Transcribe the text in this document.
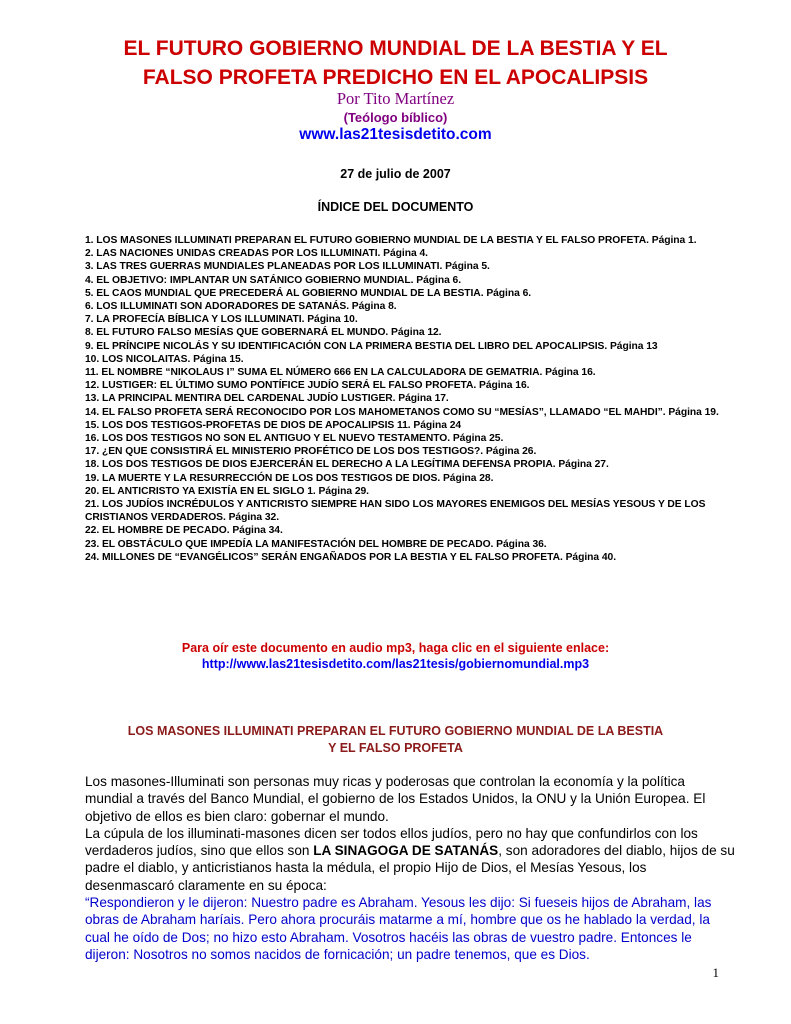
EL FUTURO GOBIERNO MUNDIAL DE LA BESTIA Y EL
FALSO PROFETA PREDICHO EN EL APOCALIPSIS
Por Tito Martínez
(Teólogo bíblico)
www.las21tesisdetito.com
27 de julio de 2007
ÍNDICE DEL DOCUMENTO
1. LOS MASONES ILLUMINATI PREPARAN EL FUTURO GOBIERNO MUNDIAL DE LA BESTIA Y EL FALSO PROFETA. Página 1.
2. LAS NACIONES UNIDAS CREADAS POR LOS ILLUMINATI. Página 4.
3. LAS TRES GUERRAS MUNDIALES PLANEADAS POR LOS ILLUMINATI. Página 5.
4. EL OBJETIVO: IMPLANTAR UN SATÁNICO GOBIERNO MUNDIAL. Página 6.
5. EL CAOS MUNDIAL QUE PRECEDERÁ AL GOBIERNO MUNDIAL DE LA BESTIA. Página 6.
6. LOS ILLUMINATI SON ADORADORES DE SATANÁS. Página 8.
7. LA PROFECÍA BÍBLICA Y LOS ILLUMINATI. Página 10.
8. EL FUTURO FALSO MESÍAS QUE GOBERNARÁ EL MUNDO. Página 12.
9. EL PRÍNCIPE NICOLÁS Y SU IDENTIFICACIÓN CON LA PRIMERA BESTIA DEL LIBRO DEL APOCALIPSIS. Página 13
10. LOS NICOLAITAS. Página 15.
11. EL NOMBRE “NIKOLAUS I” SUMA EL NÚMERO 666 EN LA CALCULADORA DE GEMATRIA. Página 16.
12. LUSTIGER: EL ÚLTIMO SUMO PONTÍFICE JUDÍO SERÁ EL FALSO PROFETA. Página 16.
13. LA PRINCIPAL MENTIRA DEL CARDENAL JUDÍO LUSTIGER. Página 17.
14. EL FALSO PROFETA SERÁ RECONOCIDO POR LOS MAHOMETANOS COMO SU “MESÍAS”, LLAMADO “EL MAHDI”. Página 19.
15. LOS DOS TESTIGOS-PROFETAS DE DIOS DE APOCALIPSIS 11. Página 24
16. LOS DOS TESTIGOS NO SON EL ANTIGUO Y EL NUEVO TESTAMENTO. Página 25.
17. ¿EN QUE CONSISTIRÁ EL MINISTERIO PROFÉTICO DE LOS DOS TESTIGOS?. Página 26.
18. LOS DOS TESTIGOS DE DIOS EJERCERÁN EL DERECHO A LA LEGÍTIMA DEFENSA PROPIA. Página 27.
19. LA MUERTE Y LA RESURRECCIÓN DE LOS DOS TESTIGOS DE DIOS. Página 28.
20. EL ANTICRISTO YA EXISTÍA EN EL SIGLO 1. Página 29.
21. LOS JUDÍOS INCRÉDULOS Y ANTICRISTO SIEMPRE HAN SIDO LOS MAYORES ENEMIGOS DEL MESÍAS YESOUS Y DE LOS CRISTIANOS VERDADEROS. Página 32.
22. EL HOMBRE DE PECADO. Página 34.
23. EL OBSTÁCULO QUE IMPEDÍA LA MANIFESTACIÓN DEL HOMBRE DE PECADO. Página 36.
24. MILLONES DE “EVANGÉLICOS” SERÁN ENGAÑADOS POR LA BESTIA Y EL FALSO PROFETA. Página 40.
Para oír este documento en audio mp3, haga clic en el siguiente enlace:
http://www.las21tesisdetito.com/las21tesis/gobiernomundial.mp3
LOS MASONES ILLUMINATI PREPARAN EL FUTURO GOBIERNO MUNDIAL DE LA BESTIA
Y EL FALSO PROFETA

Los masones-Illuminati son personas muy ricas y poderosas que controlan la economía y la política mundial a través del Banco Mundial, el gobierno de los Estados Unidos, la ONU y la Unión Europea. El objetivo de ellos es bien claro: gobernar el mundo.

La cúpula de los illuminati-masones dicen ser todos ellos judíos, pero no hay que confundirlos con los verdaderos judíos, sino que ellos son LA SINAGOGA DE SATANÁS, son adoradores del diablo, hijos de su padre el diablo, y anticristianos hasta la médula, el propio Hijo de Dios, el Mesías Yesous, los desenmascaró claramente en su época:

“Respondieron y le dijeron: Nuestro padre es Abraham. Yesous les dijo: Si fueseis hijos de Abraham, las obras de Abraham haríais. Pero ahora procuráis matarme a mí, hombre que os he hablado la verdad, la cual he oído de Dos; no hizo esto Abraham. Vosotros hacéis las obras de vuestro padre. Entonces le dijeron: Nosotros no somos nacidos de fornicación; un padre tenemos, que es Dios.

1
